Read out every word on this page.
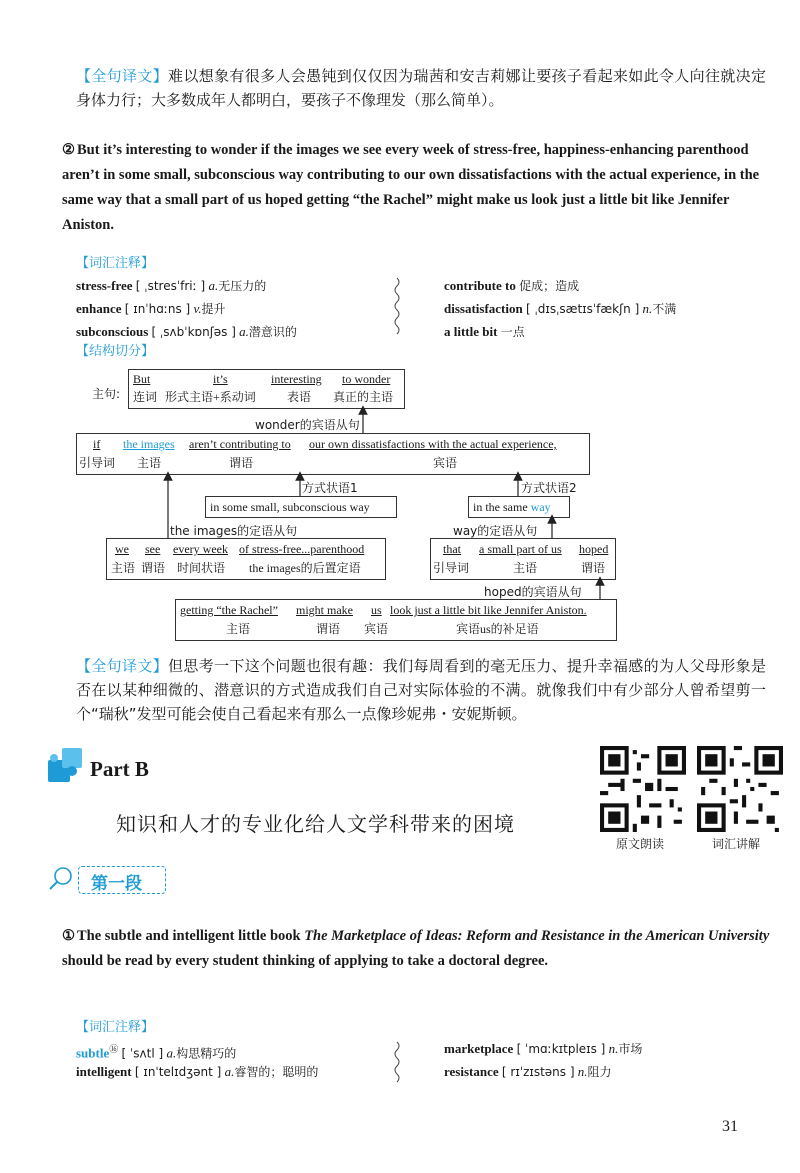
【全句译文】难以想象有很多人会愚钝到仅仅因为瑞茜和安吉莉娜让要孩子看起来如此令人向往就决定身体力行；大多数成年人都明白，要孩子不像理发（那么简单）。
② But it’s interesting to wonder if the images we see every week of stress-free, happiness-enhancing parenthood aren’t in some small, subconscious way contributing to our own dissatisfactions with the actual experience, in the same way that a small part of us hoped getting “the Rachel” might make us look just a little bit like Jennifer Aniston.
【词汇注释】
stress-free [ ˌstresˈfriː ] a.无压力的
enhance [ ɪnˈhɑːns ] v.提升
subconscious [ ˌsʌbˈkɒnʃəs ] a.潜意识的
contribute to 促成；造成
dissatisfaction [ ˌdɪsˌsætɪsˈfækʃn ] n.不满
a little bit 一点
【结构切分】
主句:
But
连词
it’s
形式主语+系动词
interesting
表语
to wonder
真正的主语
wonder的宾语从句
if
引导词
the images
主语
aren’t contributing to
谓语
our own dissatisfactions with the actual experience,
宾语
方式状语1	方式状语2
in some small, subconscious way	in the same way
the images的定语从句	way的定语从句
we
主语
see
谓语
every week
时间状语
of stress-free...parenthood
the images的后置定语
that
引导词
a small part of us
主语
hoped
谓语
hoped的宾语从句
getting “the Rachel”
主语
might make
谓语
us
宾语
look just a little bit like Jennifer Aniston.
宾语us的补足语
【全句译文】但思考一下这个问题也很有趣：我们每周看到的毫无压力、提升幸福感的为人父母形象是否在以某种细微的、潜意识的方式造成我们自己对实际体验的不满。就像我们中有少部分人曾希望剪一个“瑞秋”发型可能会使自己看起来有那么一点像珍妮弗・安妮斯顿。
Part B
知识和人才的专业化给人文学科带来的困境
原文朗读	词汇讲解
第一段
① The subtle and intelligent little book The Marketplace of Ideas: Reform and Resistance in the American University should be read by every student thinking of applying to take a doctoral degree.
【词汇注释】
subtle⑯ [ ˈsʌtl ] a.构思精巧的
intelligent [ ɪnˈtelɪdʒənt ] a.睿智的；聪明的
marketplace [ ˈmɑːkɪtpleɪs ] n.市场
resistance [ rɪˈzɪstəns ] n.阻力
31
